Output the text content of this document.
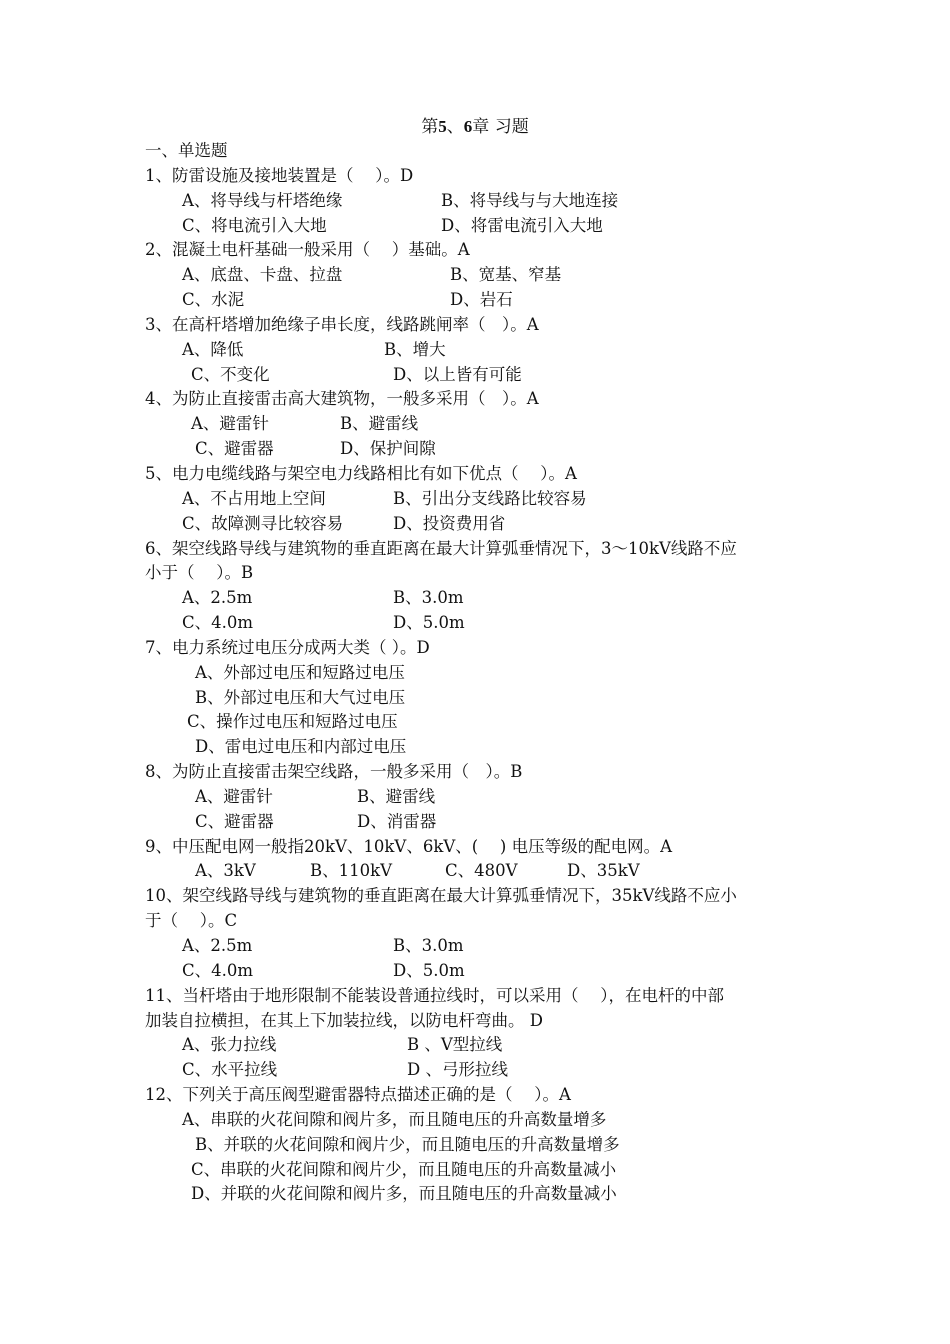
第5、6章 习题
一、单选题
1、防雷设施及接地装置是（　 ）。D
A、将导线与杆塔绝缘	B、将导线与与大地连接
C、将电流引入大地	D、将雷电流引入大地
2、混凝土电杆基础一般采用（　 ）基础。A
A、底盘、卡盘、拉盘	B、宽基、窄基
C、水泥	D、岩石
3、在高杆塔增加绝缘子串长度，线路跳闸率（　）。A
A、降低	B、增大
C、不变化	D、以上皆有可能
4、为防止直接雷击高大建筑物，一般多采用（　）。A
A、避雷针	B、避雷线
C、避雷器	D、保护间隙
5、电力电缆线路与架空电力线路相比有如下优点（　 ）。A
A、不占用地上空间	B、引出分支线路比较容易
C、故障测寻比较容易	D、投资费用省
6、架空线路导线与建筑物的垂直距离在最大计算弧垂情况下，3～10kV线路不应
小于（　 ）。B
A、2.5m	B、3.0m
C、4.0m	D、5.0m
7、电力系统过电压分成两大类（ ）。D
A、外部过电压和短路过电压
B、外部过电压和大气过电压
C、操作过电压和短路过电压
D、雷电过电压和内部过电压
8、为防止直接雷击架空线路，一般多采用（　）。B
A、避雷针	B、避雷线
C、避雷器	D、消雷器
9、中压配电网一般指20kV、10kV、6kV、(　 ) 电压等级的配电网。A
A、3kV	B、110kV	C、480V	D、35kV
10、架空线路导线与建筑物的垂直距离在最大计算弧垂情况下，35kV线路不应小
于（　 ）。C
A、2.5m	B、3.0m
C、4.0m	D、5.0m
11、当杆塔由于地形限制不能装设普通拉线时，可以采用（　 ），在电杆的中部
加装自拉横担，在其上下加装拉线，以防电杆弯曲。 D
A、张力拉线	B 、V型拉线
C、水平拉线	D 、弓形拉线
12、下列关于高压阀型避雷器特点描述正确的是（　 ）。A
A、串联的火花间隙和阀片多，而且随电压的升高数量增多
B、并联的火花间隙和阀片少，而且随电压的升高数量增多
C、串联的火花间隙和阀片少，而且随电压的升高数量减小
D、并联的火花间隙和阀片多，而且随电压的升高数量减小
